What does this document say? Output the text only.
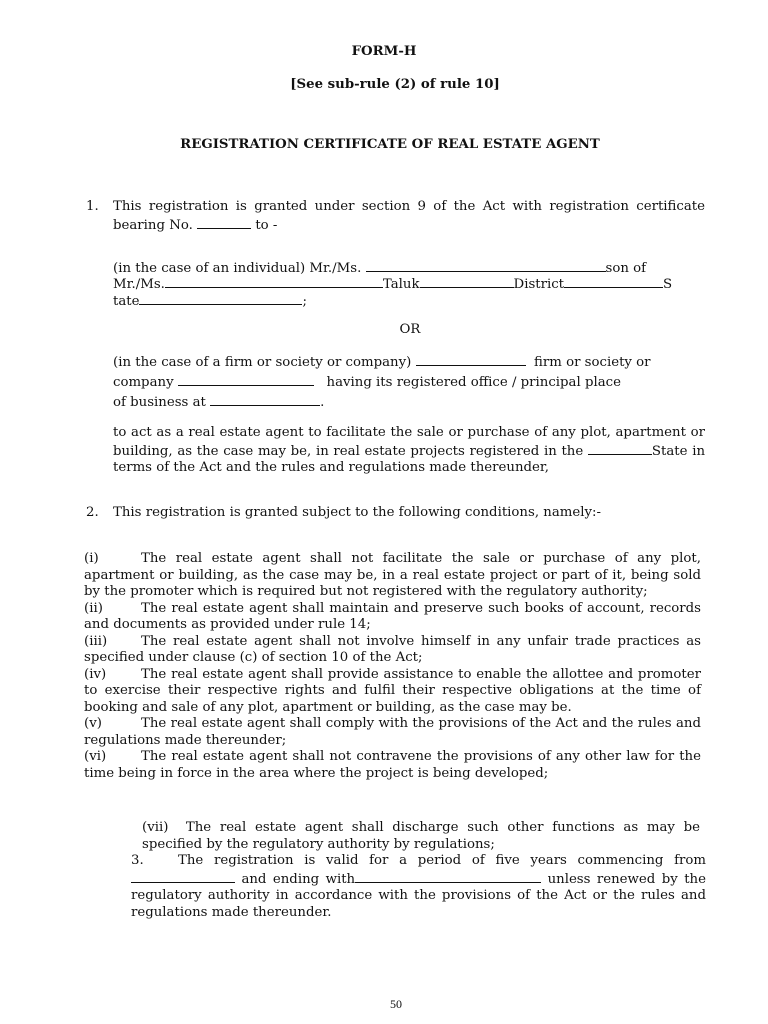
FORM-H
[See sub-rule (2) of rule 10]
REGISTRATION CERTIFICATE OF REAL ESTATE AGENT
1. This registration is granted under section 9 of the Act with registration certificate bearing No.	to -
(in the case of an individual) Mr./Ms.	son of
Mr./Ms.	Taluk	District	S
tate	;
OR
(in the case of a firm or society or company)	firm or society or
company	having its registered office / principal place
of business at	.
to act as a real estate agent to facilitate the sale or purchase of any plot, apartment or building, as the case may be, in real estate projects registered in the	State in terms of the Act and the rules and regulations made thereunder,
2. This registration is granted subject to the following conditions, namely:-
(i)	The real estate agent shall not facilitate the sale or purchase of any plot, apartment or building, as the case may be, in a real estate project or part of it, being sold by the promoter which is required but not registered with the regulatory authority;
(ii)	The real estate agent shall maintain and preserve such books of account, records and documents as provided under rule 14;
(iii)	The real estate agent shall not involve himself in any unfair trade practices as specified under clause (c) of section 10 of the Act;
(iv)	The real estate agent shall provide assistance to enable the allottee and promoter to exercise their respective rights and fulfil their respective obligations at the time of booking and sale of any plot, apartment or building, as the case may be.
(v)	The real estate agent shall comply with the provisions of the Act and the rules and regulations made thereunder;
(vi)	The real estate agent shall not contravene the provisions of any other law for the time being in force in the area where the project is being developed;
(vii) The real estate agent shall discharge such other functions as may be specified by the regulatory authority by regulations;
3.	The registration is valid for a period of five years commencing from  and ending with	unless renewed by the regulatory authority in accordance with the provisions of the Act or the rules and regulations made thereunder.
50
